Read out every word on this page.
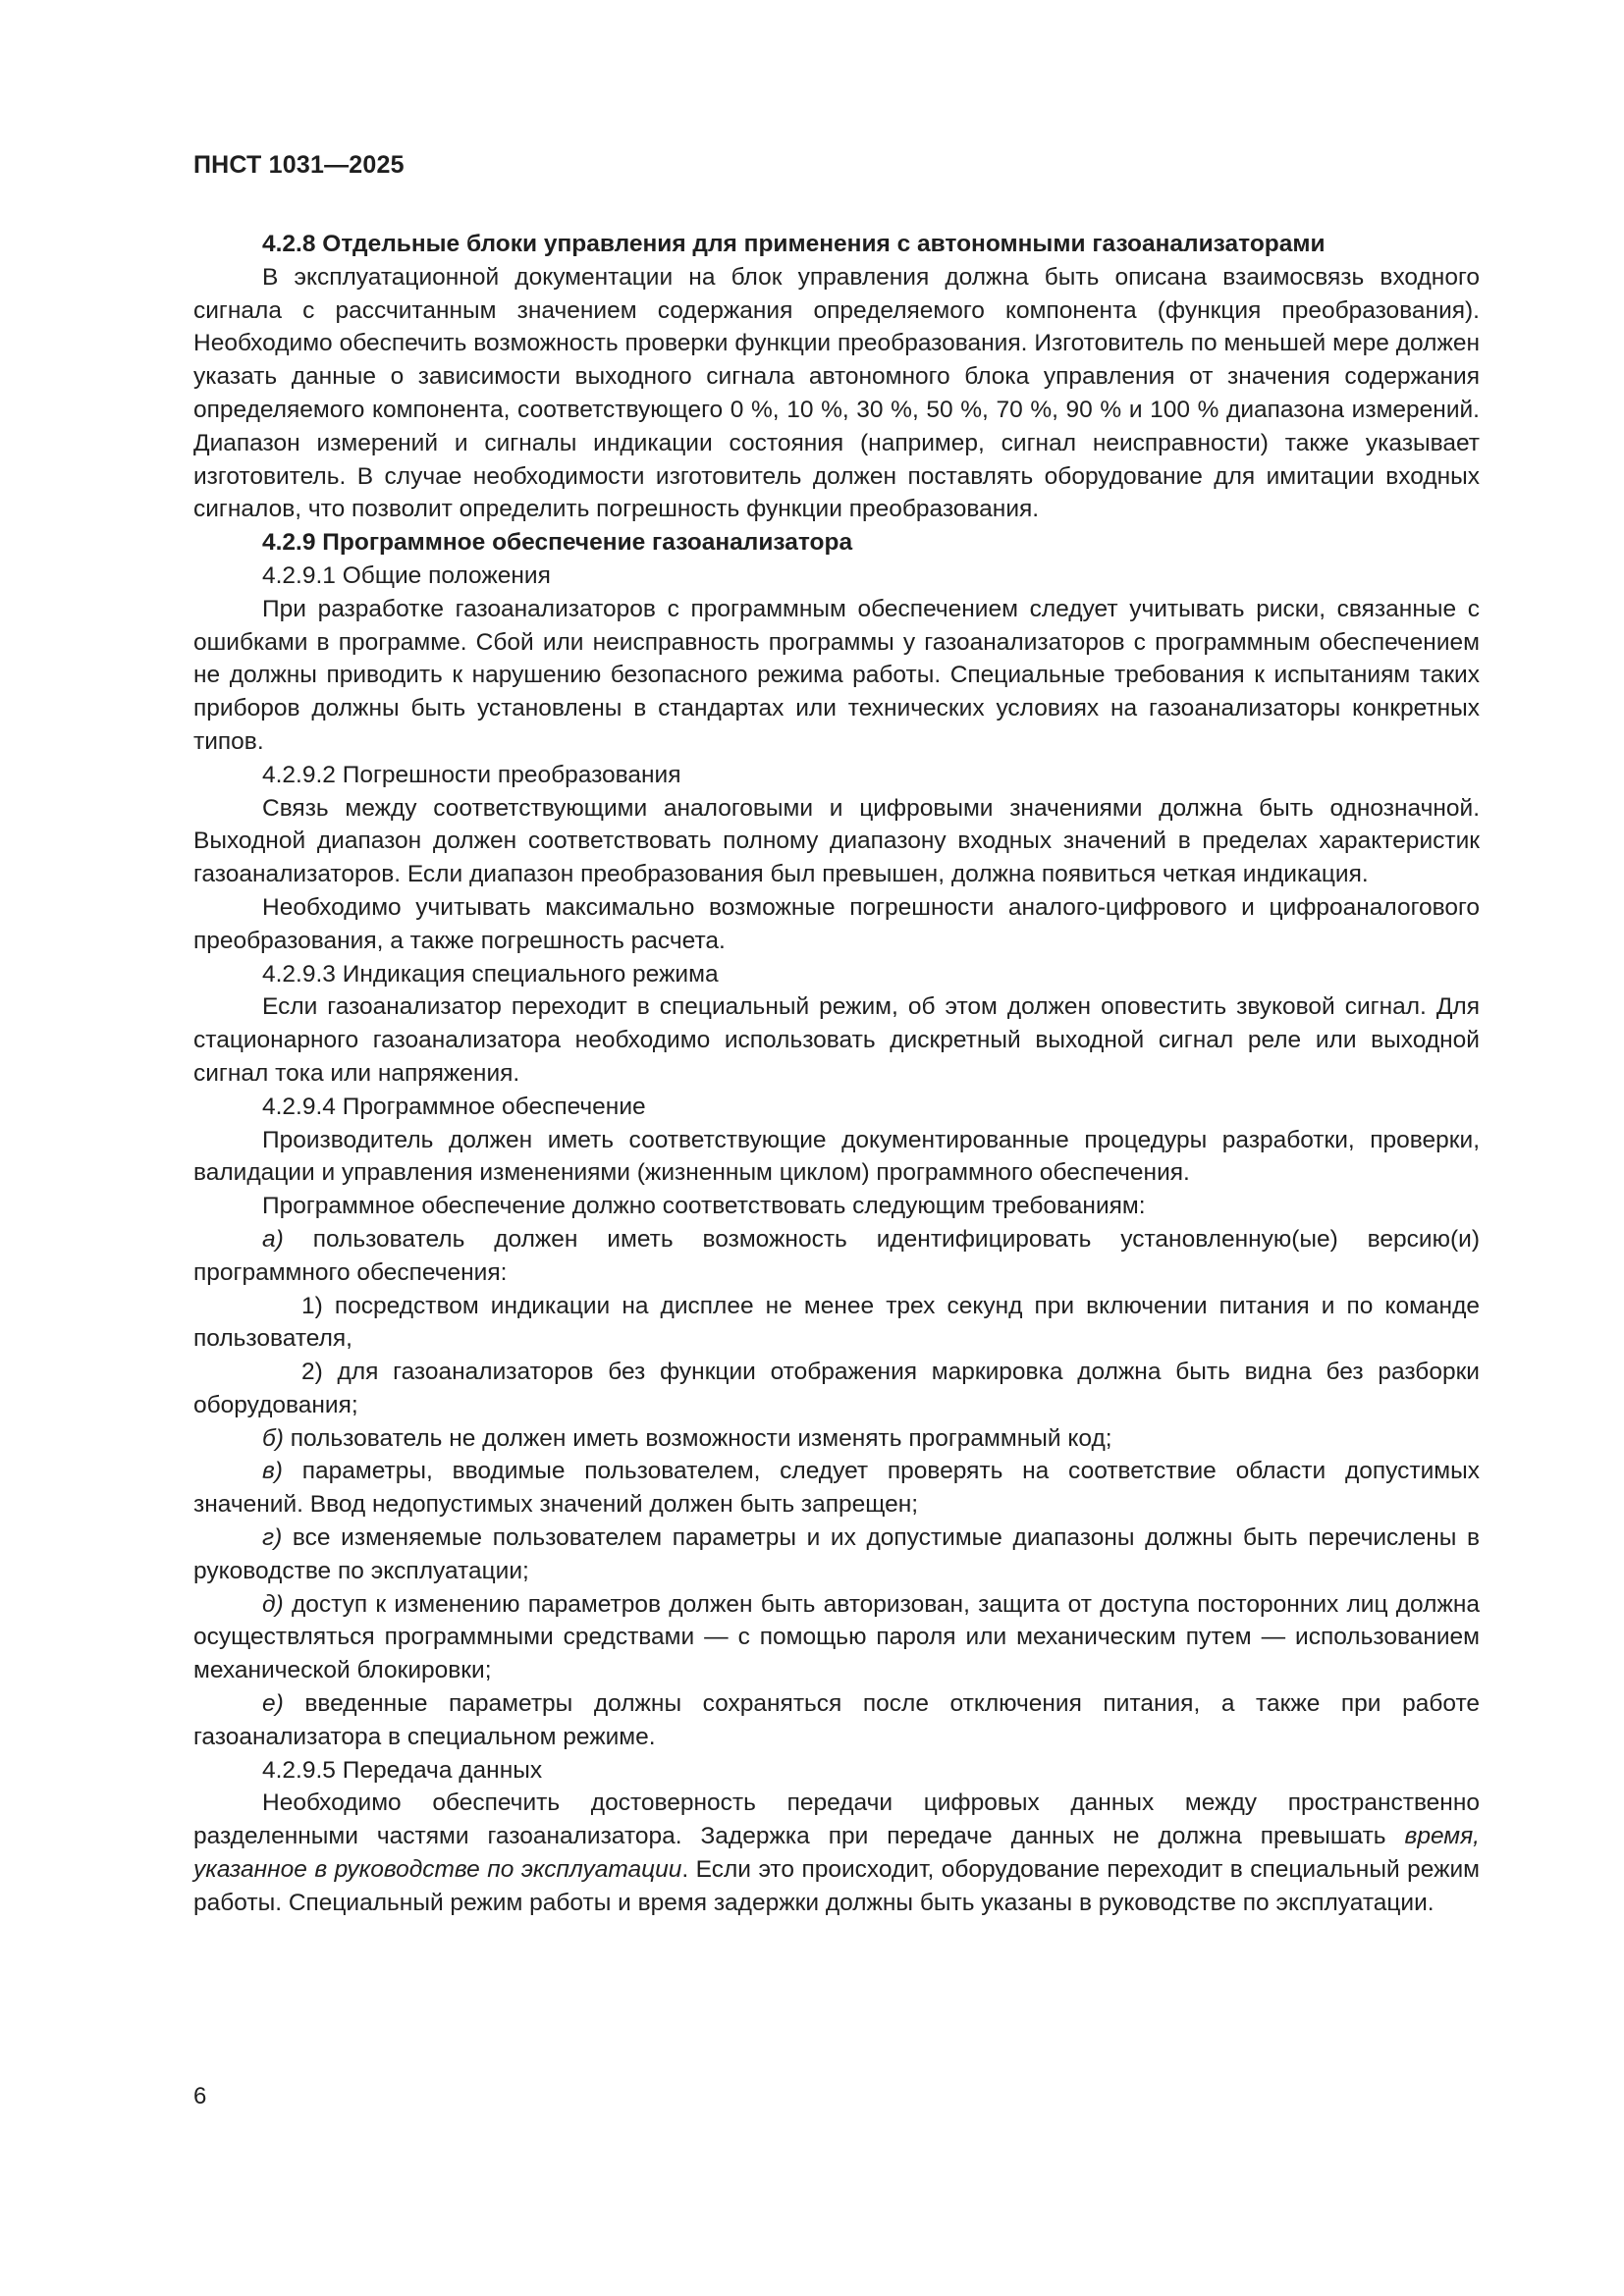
ПНСТ 1031—2025

4.2.8 Отдельные блоки управления для применения с автономными газоанализаторами

В эксплуатационной документации на блок управления должна быть описана взаимосвязь входного сигнала с рассчитанным значением содержания определяемого компонента (функция преобразования). Необходимо обеспечить возможность проверки функции преобразования. Изготовитель по меньшей мере должен указать данные о зависимости выходного сигнала автономного блока управления от значения содержания определяемого компонента, соответствующего 0 %, 10 %, 30 %, 50 %, 70 %, 90 % и 100 % диапазона измерений. Диапазон измерений и сигналы индикации состояния (например, сигнал неисправности) также указывает изготовитель. В случае необходимости изготовитель должен поставлять оборудование для имитации входных сигналов, что позволит определить погрешность функции преобразования.

4.2.9 Программное обеспечение газоанализатора

4.2.9.1 Общие положения

При разработке газоанализаторов с программным обеспечением следует учитывать риски, связанные с ошибками в программе. Сбой или неисправность программы у газоанализаторов с программным обеспечением не должны приводить к нарушению безопасного режима работы. Специальные требования к испытаниям таких приборов должны быть установлены в стандартах или технических условиях на газоанализаторы конкретных типов.

4.2.9.2 Погрешности преобразования

Связь между соответствующими аналоговыми и цифровыми значениями должна быть однозначной. Выходной диапазон должен соответствовать полному диапазону входных значений в пределах характеристик газоанализаторов. Если диапазон преобразования был превышен, должна появиться четкая индикация.

Необходимо учитывать максимально возможные погрешности аналого-цифрового и цифроаналогового преобразования, а также погрешность расчета.

4.2.9.3 Индикация специального режима

Если газоанализатор переходит в специальный режим, об этом должен оповестить звуковой сигнал. Для стационарного газоанализатора необходимо использовать дискретный выходной сигнал реле или выходной сигнал тока или напряжения.

4.2.9.4 Программное обеспечение

Производитель должен иметь соответствующие документированные процедуры разработки, проверки, валидации и управления изменениями (жизненным циклом) программного обеспечения.

Программное обеспечение должно соответствовать следующим требованиям:

а) пользователь должен иметь возможность идентифицировать установленную(ые) версию(и) программного обеспечения:

1) посредством индикации на дисплее не менее трех секунд при включении питания и по команде пользователя,

2) для газоанализаторов без функции отображения маркировка должна быть видна без разборки оборудования;

б) пользователь не должен иметь возможности изменять программный код;

в) параметры, вводимые пользователем, следует проверять на соответствие области допустимых значений. Ввод недопустимых значений должен быть запрещен;

г) все изменяемые пользователем параметры и их допустимые диапазоны должны быть перечислены в руководстве по эксплуатации;

д) доступ к изменению параметров должен быть авторизован, защита от доступа посторонних лиц должна осуществляться программными средствами — с помощью пароля или механическим путем — использованием механической блокировки;

е) введенные параметры должны сохраняться после отключения питания, а также при работе газоанализатора в специальном режиме.

4.2.9.5 Передача данных

Необходимо обеспечить достоверность передачи цифровых данных между пространственно разделенными частями газоанализатора. Задержка при передаче данных не должна превышать время, указанное в руководстве по эксплуатации. Если это происходит, оборудование переходит в специальный режим работы. Специальный режим работы и время задержки должны быть указаны в руководстве по эксплуатации.

6
